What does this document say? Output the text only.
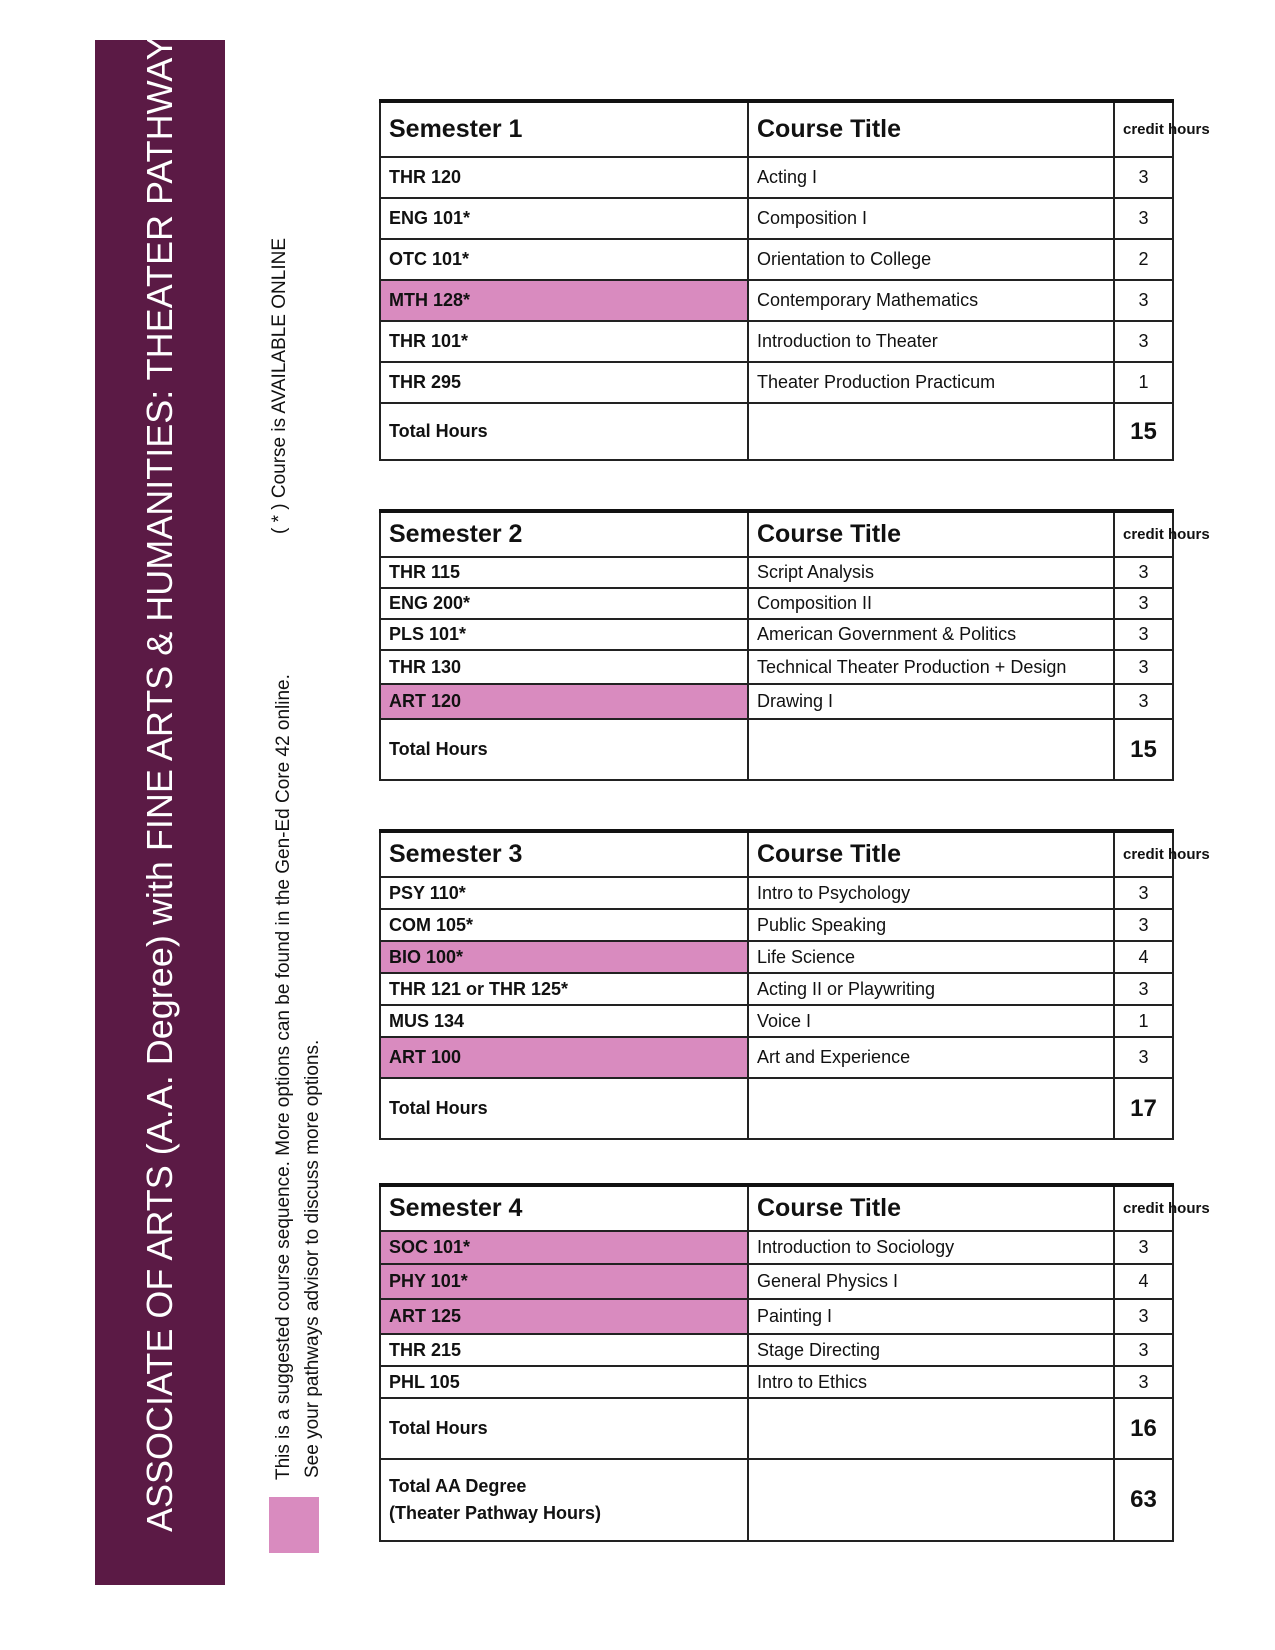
ASSOCIATE OF ARTS (A.A. Degree) with FINE ARTS & HUMANITIES: THEATER PATHWAY	( * ) Course is AVAILABLE ONLINE
This is a suggested course sequence. More options can be found in the Gen-Ed Core 42 online. See your pathways advisor to discuss more options.
Semester 1	Course Title	credit hours
THR 120	Acting I	3
ENG 101*	Composition I	3
OTC 101*	Orientation to College	2
MTH 128*	Contemporary Mathematics	3
THR 101*	Introduction to Theater	3
THR 295	Theater Production Practicum	1
Total Hours		15
Semester 2	Course Title	credit hours
THR 115	Script Analysis	3
ENG 200*	Composition II	3
PLS 101*	American Government & Politics	3
THR 130	Technical Theater Production + Design	3
ART 120	Drawing I	3
Total Hours		15
Semester 3	Course Title	credit hours
PSY 110*	Intro to Psychology	3
COM 105*	Public Speaking	3
BIO 100*	Life Science	4
THR 121 or THR 125*	Acting II or Playwriting	3
MUS 134	Voice I	1
ART 100	Art and Experience	3
Total Hours		17
Semester 4	Course Title	credit hours
SOC 101*	Introduction to Sociology	3
PHY 101*	General Physics I	4
ART 125	Painting I	3
THR 215	Stage Directing	3
PHL 105	Intro to Ethics	3
Total Hours		16

Total AA Degree
(Theater Pathway Hours)		63
